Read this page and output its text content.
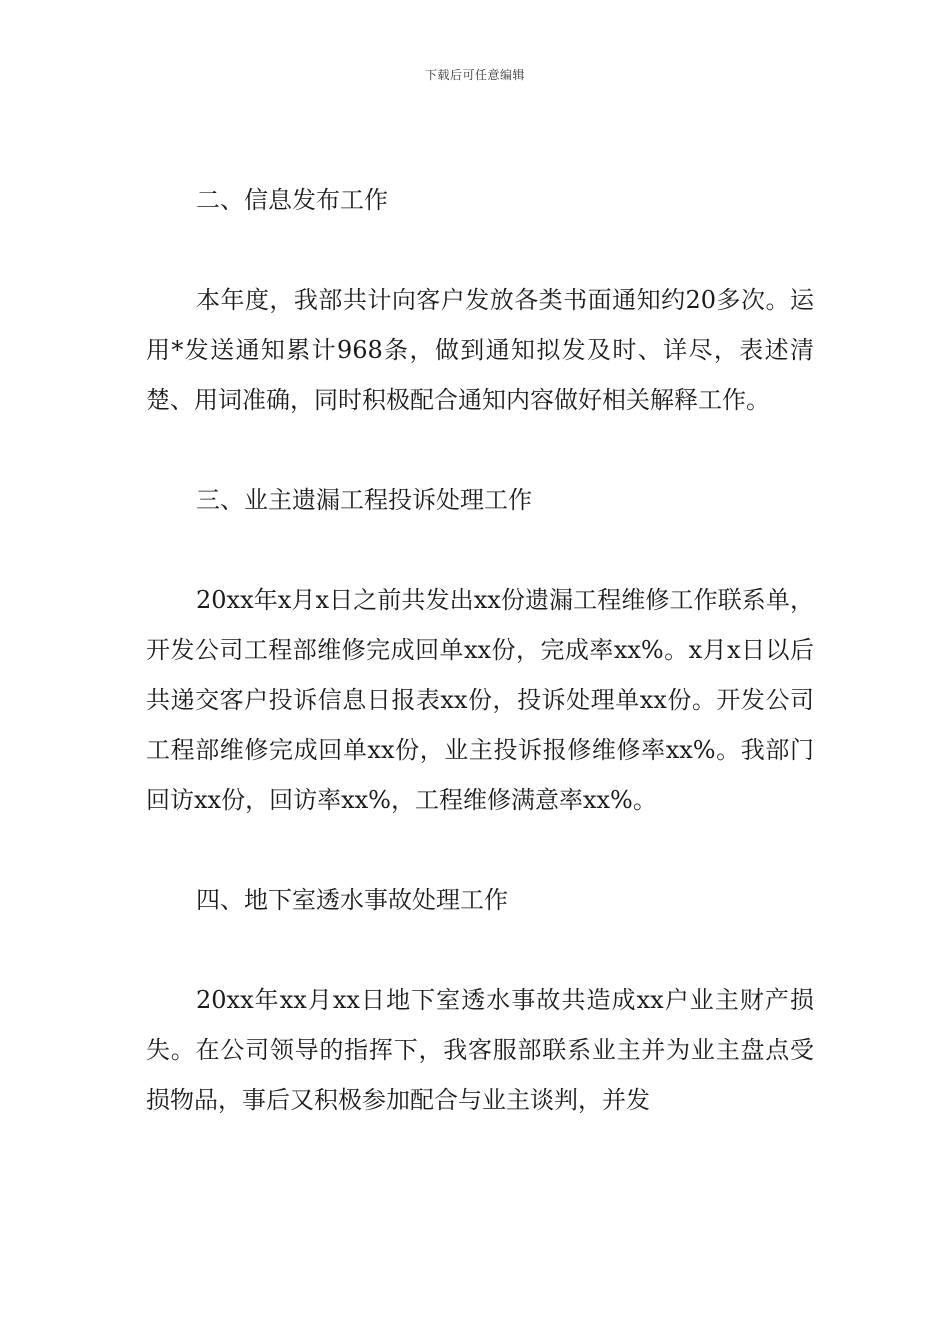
下载后可任意编辑
二、信息发布工作

本年度，我部共计向客户发放各类书面通知约20多次。运用*发送通知累计968条，做到通知拟发及时、详尽，表述清楚、用词准确，同时积极配合通知内容做好相关解释工作。

三、业主遗漏工程投诉处理工作

20xx年x月x日之前共发出xx份遗漏工程维修工作联系单，开发公司工程部维修完成回单xx份，完成率xx%。x月x日以后共递交客户投诉信息日报表xx份，投诉处理单xx份。开发公司工程部维修完成回单xx份，业主投诉报修维修率xx%。我部门回访xx份，回访率xx%，工程维修满意率xx%。

四、地下室透水事故处理工作

20xx年xx月xx日地下室透水事故共造成xx户业主财产损失。在公司领导的指挥下，我客服部联系业主并为业主盘点受损物品，事后又积极参加配合与业主谈判，并发
